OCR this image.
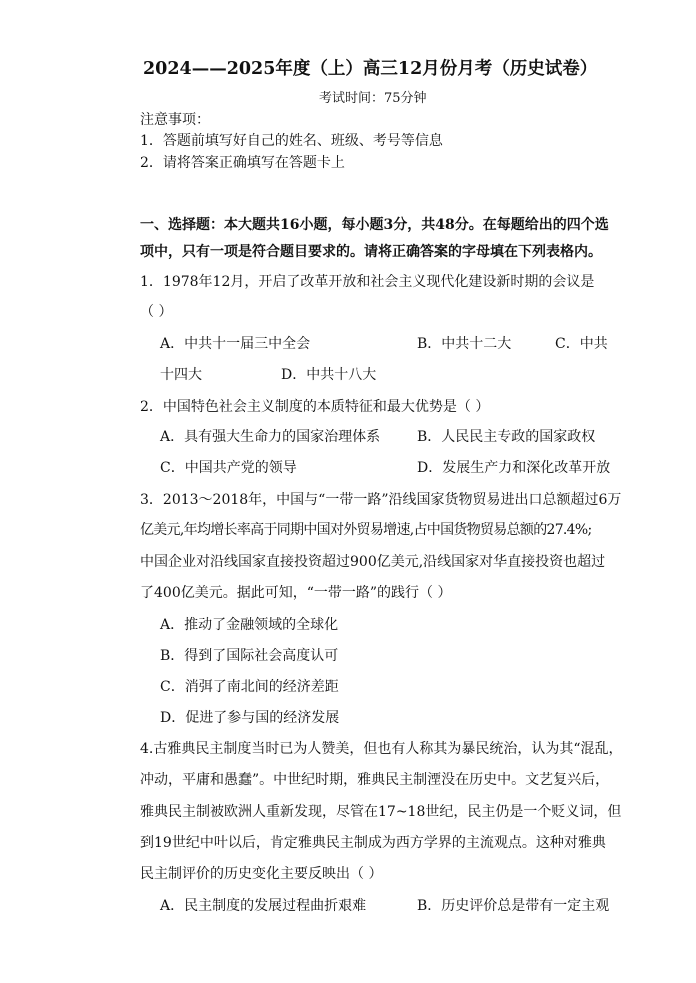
2024——2025年度（上）高三12月份月考（历史试卷）
考试时间：75分钟
注意事项：
1．答题前填写好自己的姓名、班级、考号等信息
2．请将答案正确填写在答题卡上
一、选择题：本大题共16小题，每小题3分，共48分。在每题给出的四个选
项中，只有一项是符合题目要求的。请将正确答案的字母填在下列表格内。
1．1978年12月，开启了改革开放和社会主义现代化建设新时期的会议是
（ ）
A．中共十一届三中全会	B．中共十二大	C．中共
十四大	D．中共十八大
2．中国特色社会主义制度的本质特征和最大优势是（ ）
A．具有强大生命力的国家治理体系	B．人民民主专政的国家政权
C．中国共产党的领导	D．发展生产力和深化改革开放
3．2013～2018年，中国与“一带一路”沿线国家货物贸易进出口总额超过6万
亿美元,年均增长率高于同期中国对外贸易增速,占中国货物贸易总额的27.4%;
中国企业对沿线国家直接投资超过900亿美元,沿线国家对华直接投资也超过
了400亿美元。据此可知，“一带一路”的践行（ ）
A．推动了金融领域的全球化
B．得到了国际社会高度认可
C．消弭了南北间的经济差距
D．促进了参与国的经济发展
4.古雅典民主制度当时已为人赞美，但也有人称其为暴民统治，认为其“混乱，
冲动，平庸和愚蠢”。中世纪时期，雅典民主制湮没在历史中。文艺复兴后，
雅典民主制被欧洲人重新发现，尽管在17~18世纪，民主仍是一个贬义词，但
到19世纪中叶以后，肯定雅典民主制成为西方学界的主流观点。这种对雅典
民主制评价的历史变化主要反映出（ ）
A．民主制度的发展过程曲折艰难	B．历史评价总是带有一定主观
